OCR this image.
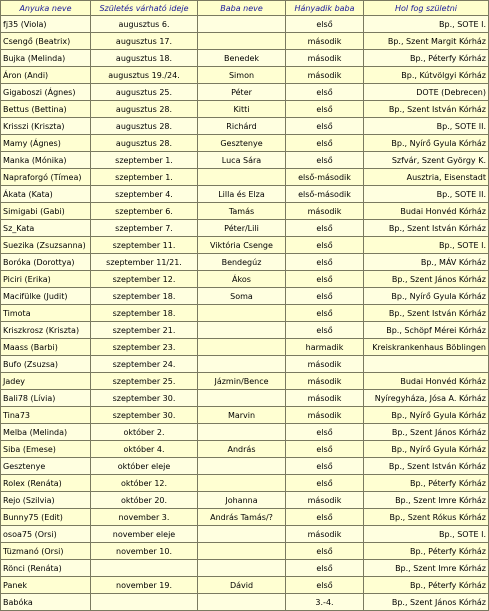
Anyuka neve	Születés várható ideje	Baba neve	Hányadik baba	Hol fog születni
fj35 (Viola)	augusztus 6.		első	Bp., SOTE I.
Csengő (Beatrix)	augusztus 17.		második	Bp., Szent Margit Kórház
Bujka (Melinda)	augusztus 18.	Benedek	második	Bp., Péterfy Kórház
Áron (Andi)	augusztus 19./24.	Simon	második	Bp., Kútvölgyi Kórház
Gigaboszi (Ágnes)	augusztus 25.	Péter	első	DOTE (Debrecen)
Bettus (Bettina)	augusztus 28.	Kitti	első	Bp., Szent István Kórház
Krisszi (Kriszta)	augusztus 28.	Richárd	első	Bp., SOTE II.
Mamy (Ágnes)	augusztus 28.	Gesztenye	első	Bp., Nyírő Gyula Kórház
Manka (Mónika)	szeptember 1.	Luca Sára	első	Szfvár, Szent György K.
Napraforgó (Tímea)	szeptember 1.		első-második	Ausztria, Eisenstadt
Ákata (Kata)	szeptember 4.	Lilla és Elza	első-második	Bp., SOTE II.
Simigabi (Gabi)	szeptember 6.	Tamás	második	Budai Honvéd Kórház
Sz_Kata	szeptember 7.	Péter/Lili	első	Bp., Szent István Kórház
Suezika (Zsuzsanna)	szeptember 11.	Viktória Csenge	első	Bp., SOTE I.
Boróka (Dorottya)	szeptember 11/21.	Bendegúz	első	Bp., MÁV Kórház
Piciri (Erika)	szeptember 12.	Ákos	első	Bp., Szent János Kórház
Macifülke (Judit)	szeptember 18.	Soma	első	Bp., Nyírő Gyula Kórház
Timota	szeptember 18.		első	Bp., Szent István Kórház
Kriszkrosz (Kriszta)	szeptember 21.		első	Bp., Schöpf Mérei Kórház
Maass (Barbi)	szeptember 23.		harmadik	Kreiskrankenhaus Böblingen
Bufo (Zsuzsa)	szeptember 24.		második	
Jadey	szeptember 25.	Jázmin/Bence	második	Budai Honvéd Kórház
Bali78 (Lívia)	szeptember 30.		második	Nyíregyháza, Jósa A. Kórház
Tina73	szeptember 30.	Marvin	második	Bp., Nyírő Gyula Kórház
Melba (Melinda)	október 2.		első	Bp., Szent János Kórház
Siba (Emese)	október 4.	András	első	Bp., Nyírő Gyula Kórház
Gesztenye	október eleje		első	Bp., Szent István Kórház
Rolex (Renáta)	október 12.		első	Bp., Péterfy Kórház
Rejo (Szilvia)	október 20.	Johanna	második	Bp., Szent Imre Kórház
Bunny75 (Edit)	november 3.	András Tamás/?	első	Bp., Szent Rókus Kórház
osoa75 (Orsi)	november eleje		második	Bp., SOTE I.
Tüzmanó (Orsi)	november 10.		első	Bp., Péterfy Kórház
Rönci (Renáta)			első	Bp., Szent Imre Kórház
Panek	november 19.	Dávid	első	Bp., Péterfy Kórház
Babóka			3.-4.	Bp., Szent János Kórház
